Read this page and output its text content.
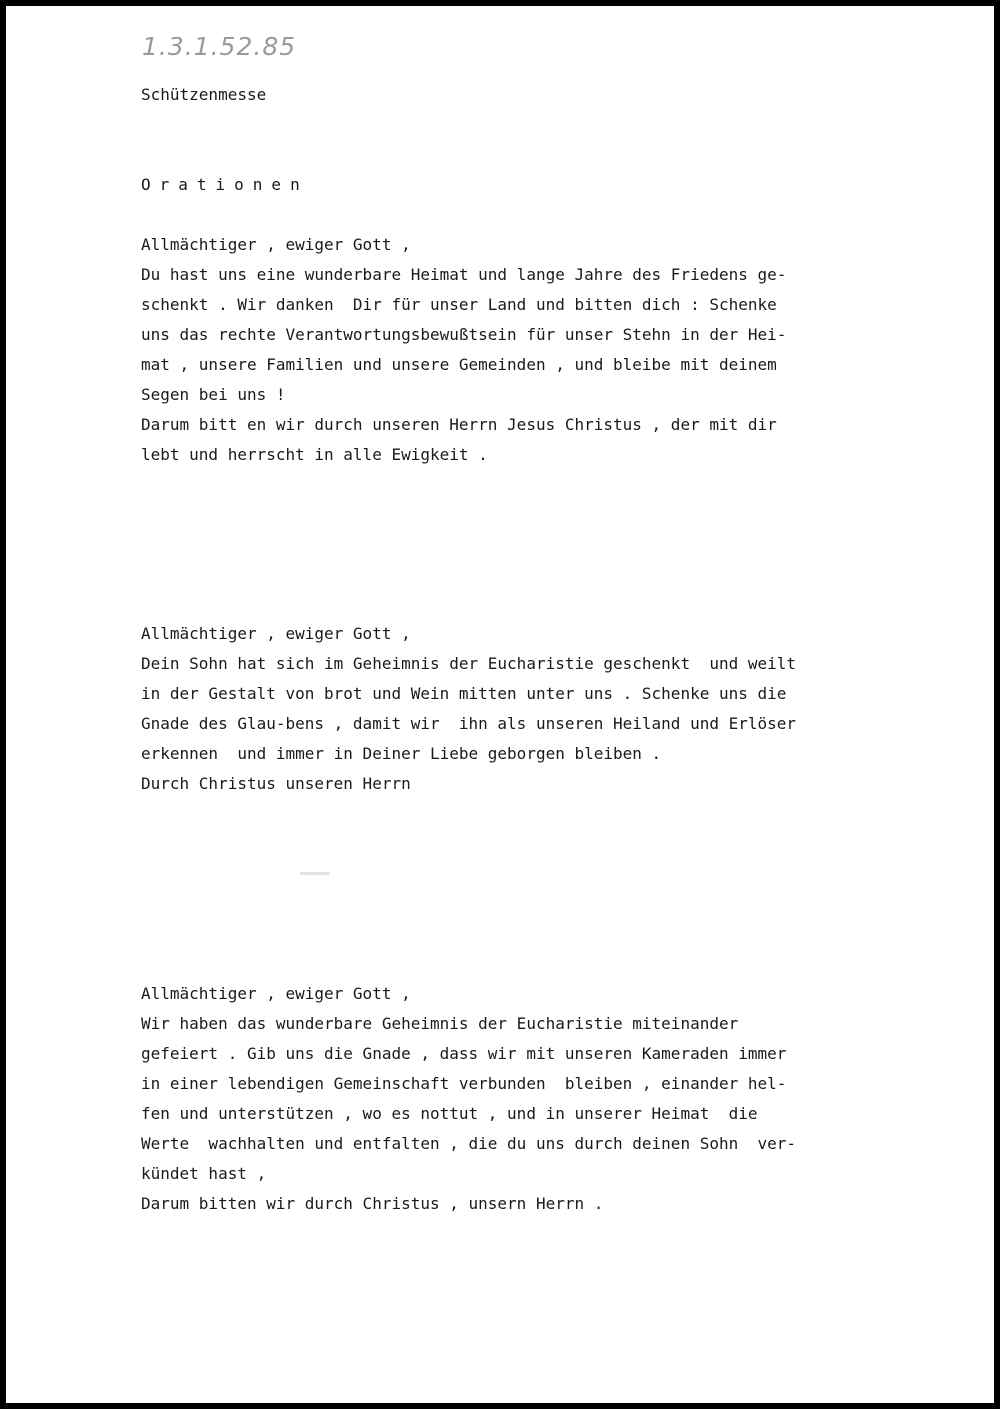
1.3.1.52.85

Schützenmesse

Orationen

Allmächtiger , ewiger Gott ,

Du hast uns eine wunderbare Heimat und lange Jahre des Friedens ge-

schenkt . Wir danken  Dir für unser Land und bitten dich : Schenke

uns das rechte Verantwortungsbewußtsein für unser Stehn in der Hei-

mat , unsere Familien und unsere Gemeinden , und bleibe mit deinem

Segen bei uns !

Darum bitt en wir durch unseren Herrn Jesus Christus , der mit dir

lebt und herrscht in alle Ewigkeit .

Allmächtiger , ewiger Gott ,

Dein Sohn hat sich im Geheimnis der Eucharistie geschenkt  und weilt

in der Gestalt von brot und Wein mitten unter uns . Schenke uns die

Gnade des Glau-bens , damit wir  ihn als unseren Heiland und Erlöser

erkennen  und immer in Deiner Liebe geborgen bleiben .

Durch Christus unseren Herrn

Allmächtiger , ewiger Gott ,

Wir haben das wunderbare Geheimnis der Eucharistie miteinander

gefeiert . Gib uns die Gnade , dass wir mit unseren Kameraden immer

in einer lebendigen Gemeinschaft verbunden  bleiben , einander hel-

fen und unterstützen , wo es nottut , und in unserer Heimat  die

Werte  wachhalten und entfalten , die du uns durch deinen Sohn  ver-

kündet hast ,

Darum bitten wir durch Christus , unsern Herrn .
